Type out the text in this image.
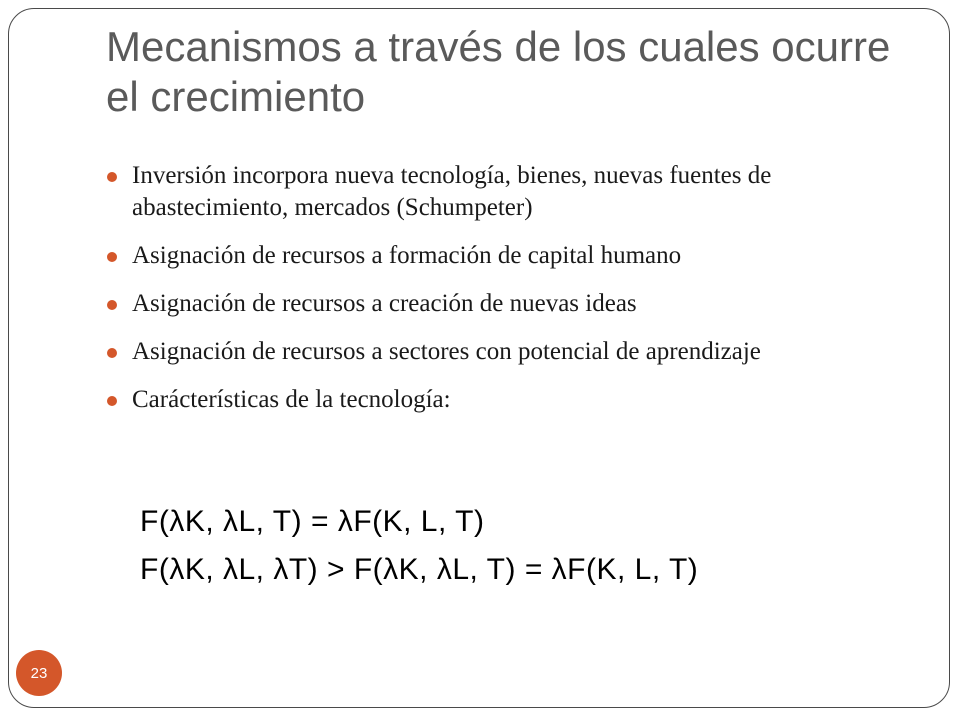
Mecanismos a través de los cuales ocurre el crecimiento
Inversión incorpora nueva tecnología, bienes, nuevas fuentes de abastecimiento, mercados (Schumpeter)
Asignación de recursos a formación de capital humano
Asignación de recursos a creación de nuevas ideas
Asignación de recursos a sectores con potencial de aprendizaje
Carácterísticas de la tecnología:
F(λK, λL, T) = λF(K, L, T)
F(λK, λL, λT) > F(λK, λL, T) = λF(K, L, T)
23
